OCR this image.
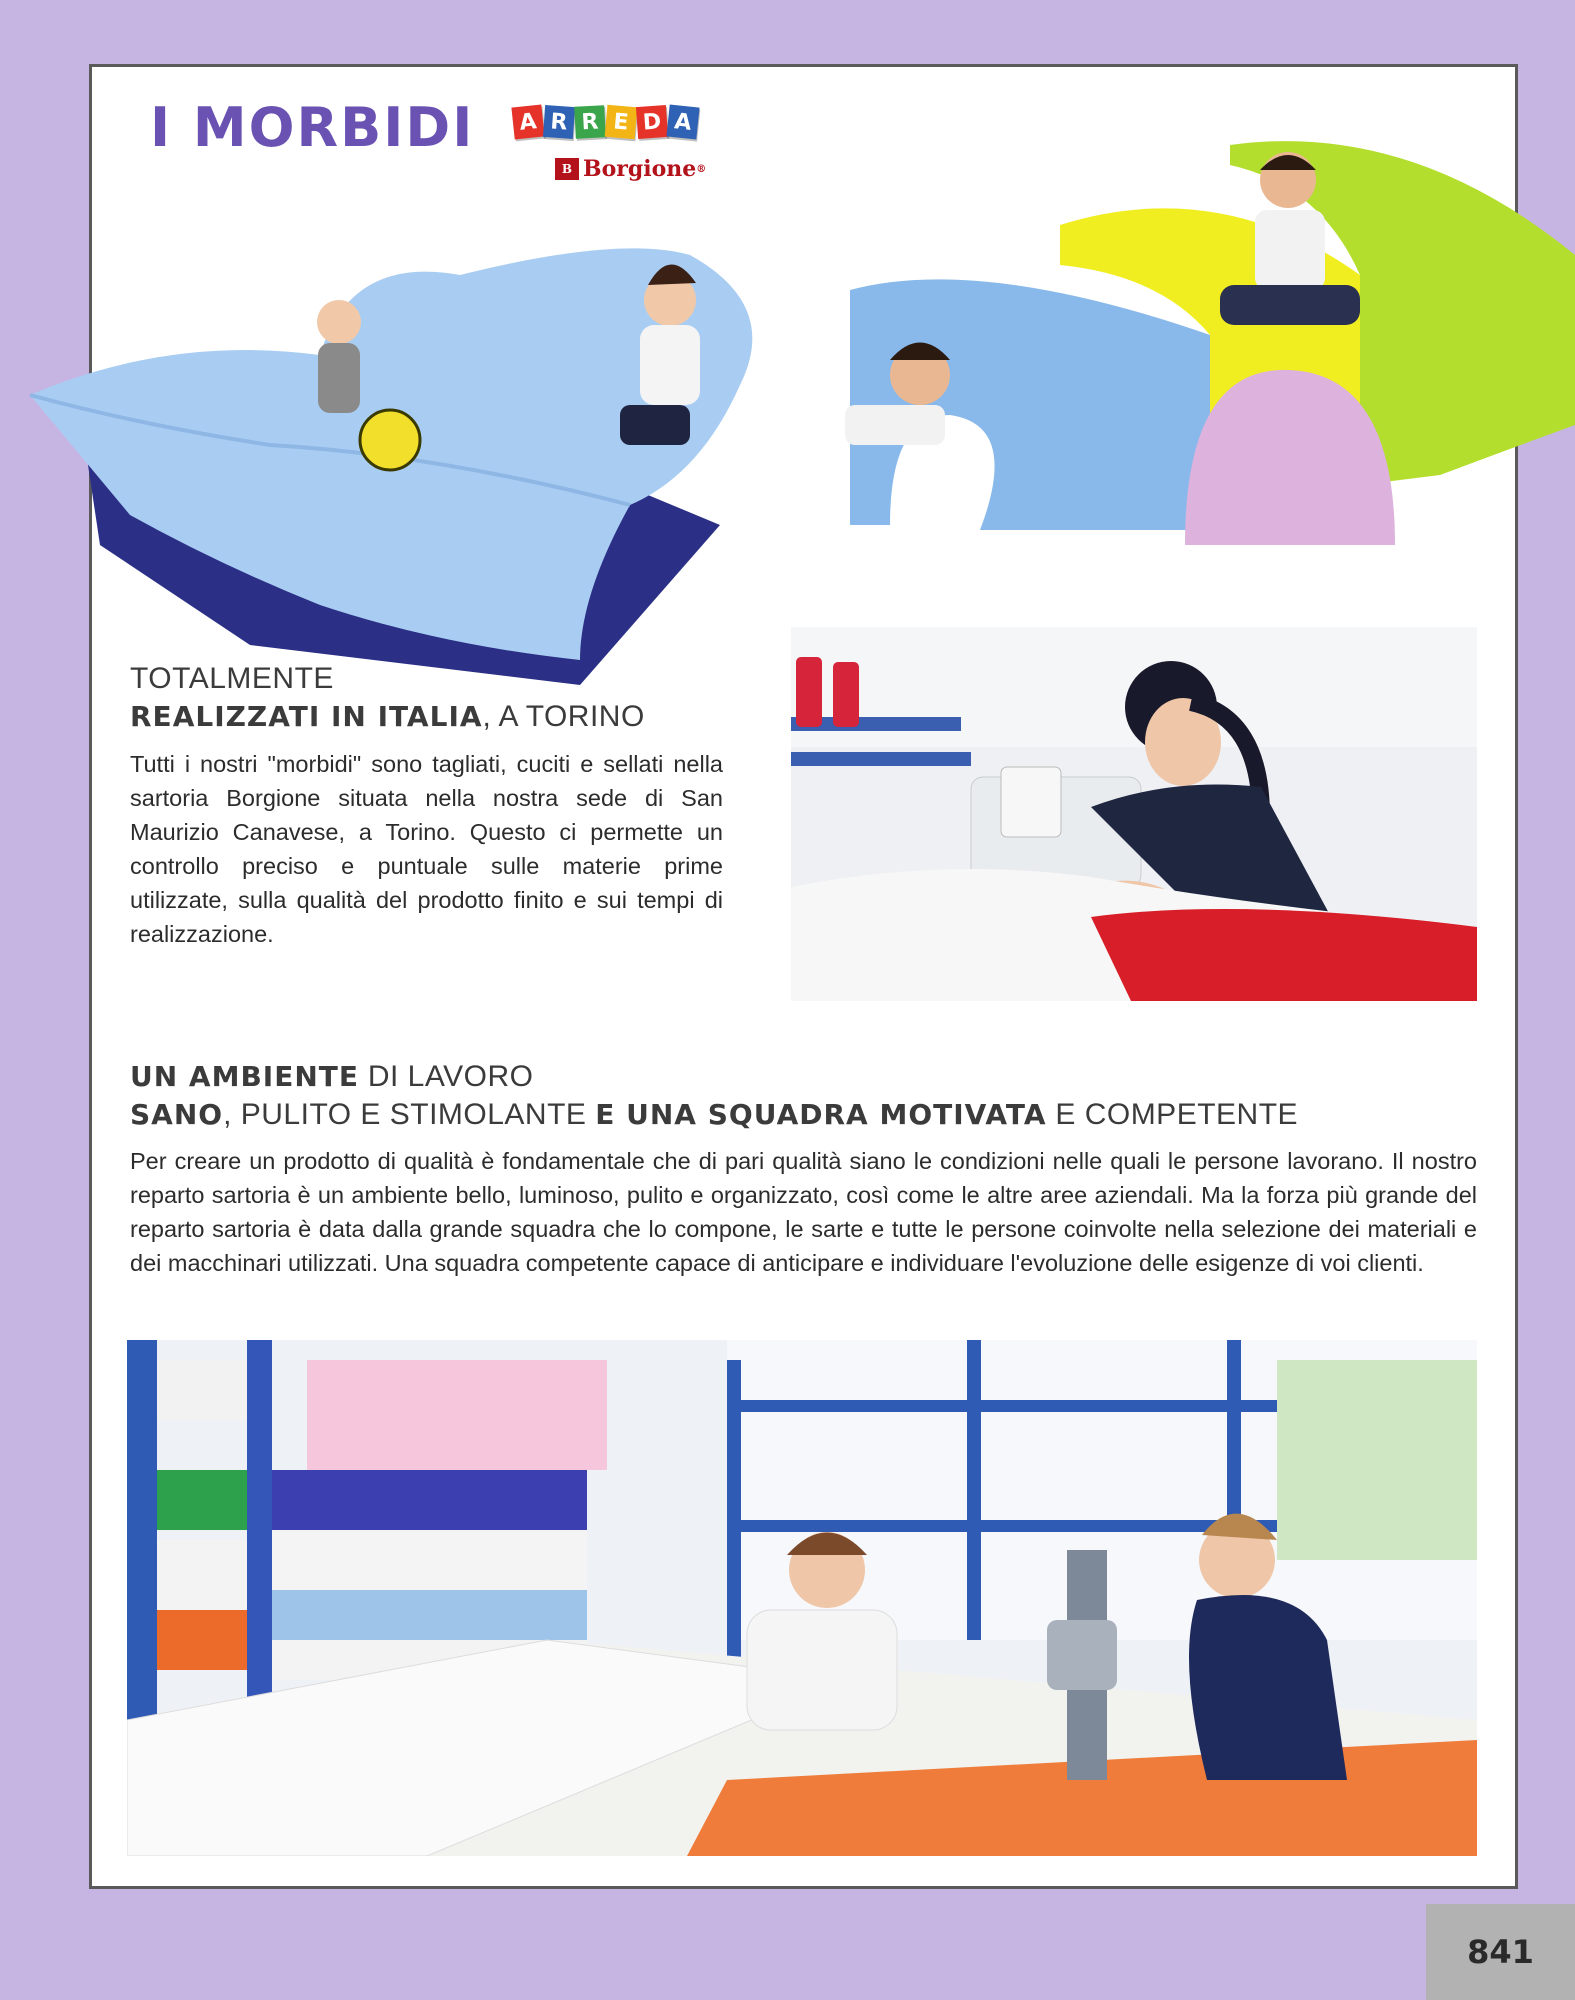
I MORBIDI	A R R E D A
B Borgione ®
TOTALMENTE
REALIZZATI IN ITALIA, A TORINO

Tutti i nostri "morbidi" sono tagliati, cuciti e sellati nella sartoria Borgione situata nella nostra sede di San Maurizio Canavese, a Torino. Questo ci permette un controllo preciso e puntuale sulle materie prime utilizzate, sulla qualità del prodotto finito e sui tempi di realizzazione.

UN AMBIENTE DI LAVORO
SANO, PULITO E STIMOLANTE E UNA SQUADRA MOTIVATA E COMPETENTE

Per creare un prodotto di qualità è fondamentale che di pari qualità siano le condizioni nelle quali le persone lavorano. Il nostro reparto sartoria è un ambiente bello, luminoso, pulito e organizzato, così come le altre aree aziendali. Ma la forza più grande del reparto sartoria è data dalla grande squadra che lo compone, le sarte e tutte le persone coinvolte nella selezione dei materiali e dei macchinari utilizzati. Una squadra competente capace di anticipare e individuare l'evoluzione delle esigenze di voi clienti.

841
